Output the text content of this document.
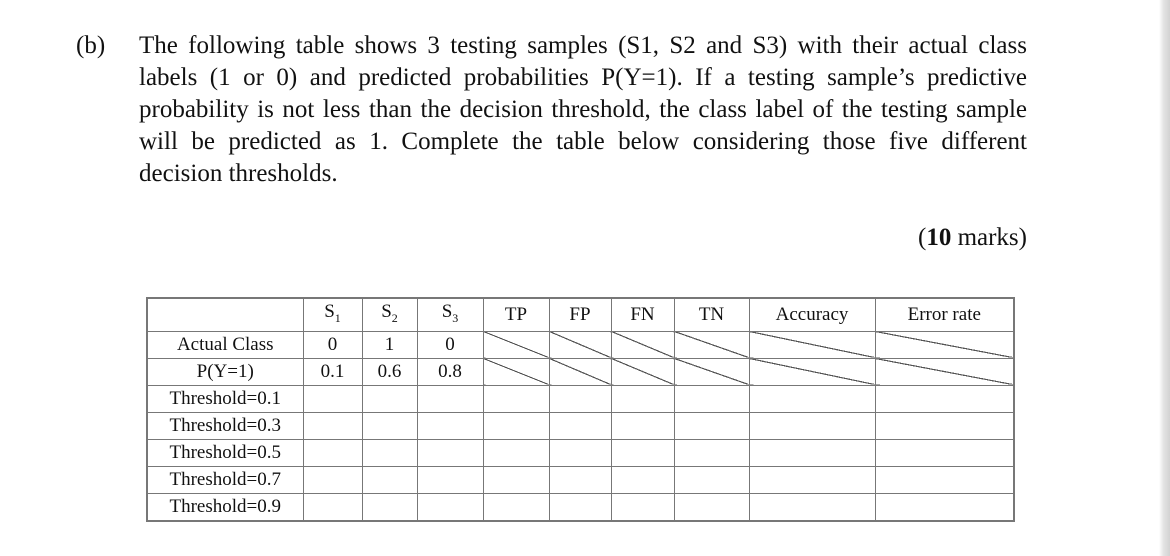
(b) The following table shows 3 testing samples (S1, S2 and S3) with their actual class
labels (1 or 0) and predicted probabilities P(Y=1). If a testing sample’s predictive
probability is not less than the decision threshold, the class label of the testing sample
will be predicted as 1. Complete the table below considering those five different
decision thresholds.
(10 marks)
	$S_1$	$S_2$	$S_3$	TP	FP	FN	TN	Accuracy	Error rate
Actual Class	0	1	0						
P(Y=1)	0.1	0.6	0.8						
Threshold=0.1									
Threshold=0.3									
Threshold=0.5									
Threshold=0.7									
Threshold=0.9									
